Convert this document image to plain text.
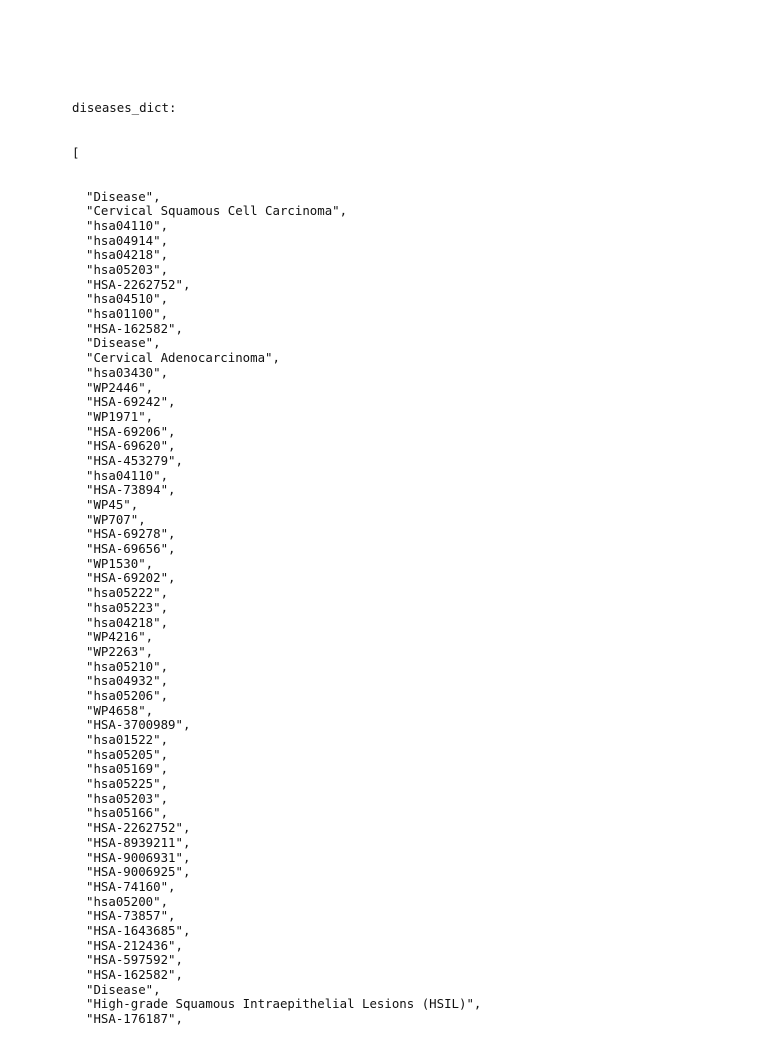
diseases_dict:

[

"Disease",
"Cervical Squamous Cell Carcinoma",
"hsa04110",
"hsa04914",
"hsa04218",
"hsa05203",
"HSA-2262752",
"hsa04510",
"hsa01100",
"HSA-162582",
"Disease",
"Cervical Adenocarcinoma",
"hsa03430",
"WP2446",
"HSA-69242",
"WP1971",
"HSA-69206",
"HSA-69620",
"HSA-453279",
"hsa04110",
"HSA-73894",
"WP45",
"WP707",
"HSA-69278",
"HSA-69656",
"WP1530",
"HSA-69202",
"hsa05222",
"hsa05223",
"hsa04218",
"WP4216",
"WP2263",
"hsa05210",
"hsa04932",
"hsa05206",
"WP4658",
"HSA-3700989",
"hsa01522",
"hsa05205",
"hsa05169",
"hsa05225",
"hsa05203",
"hsa05166",
"HSA-2262752",
"HSA-8939211",
"HSA-9006931",
"HSA-9006925",
"HSA-74160",
"hsa05200",
"HSA-73857",
"HSA-1643685",
"HSA-212436",
"HSA-597592",
"HSA-162582",
"Disease",
"High-grade Squamous Intraepithelial Lesions (HSIL)",
"HSA-176187",
